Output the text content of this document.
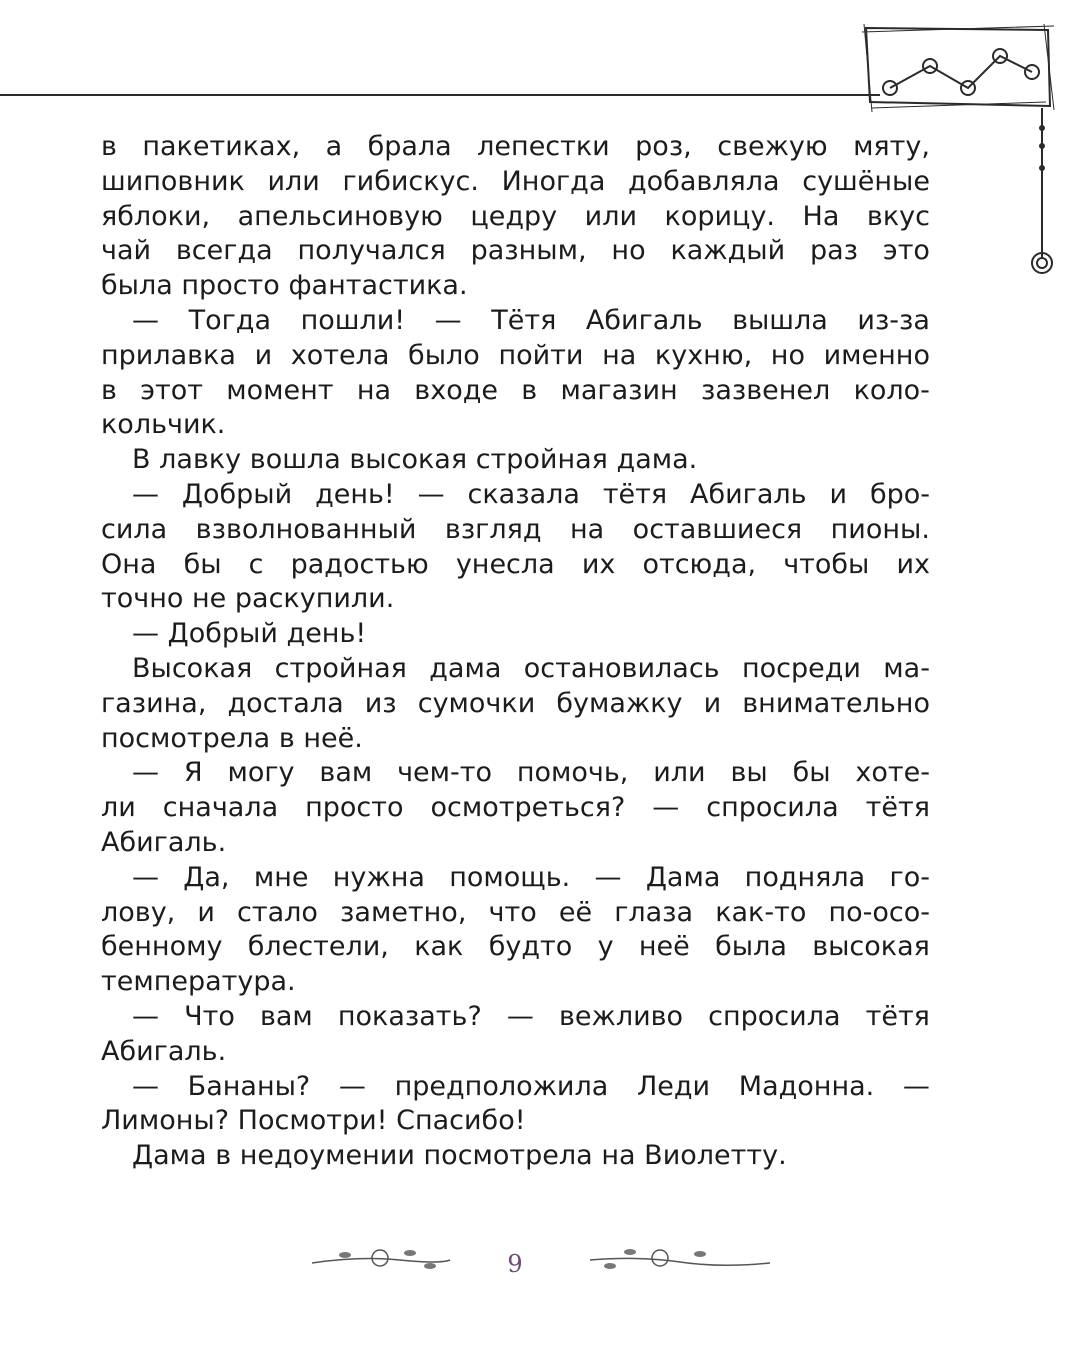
в пакетиках, а брала лепестки роз, свежую мяту,
шиповник или гибискус. Иногда добавляла сушёные
яблоки, апельсиновую цедру или корицу. На вкус
чай всегда получался разным, но каждый раз это
была просто фантастика.
— Тогда пошли! — Тётя Абигаль вышла из-за
прилавка и хотела было пойти на кухню, но именно
в этот момент на входе в магазин зазвенел коло-
кольчик.
В лавку вошла высокая стройная дама.
— Добрый день! — сказала тётя Абигаль и бро-
сила взволнованный взгляд на оставшиеся пионы.
Она бы с радостью унесла их отсюда, чтобы их
точно не раскупили.
— Добрый день!
Высокая стройная дама остановилась посреди ма-
газина, достала из сумочки бумажку и внимательно
посмотрела в неё.
— Я могу вам чем-то помочь, или вы бы хоте-
ли сначала просто осмотреться? — спросила тётя
Абигаль.
— Да, мне нужна помощь. — Дама подняла го-
лову, и стало заметно, что её глаза как-то по-осо-
бенному блестели, как будто у неё была высокая
температура.
— Что вам показать? — вежливо спросила тётя
Абигаль.
— Бананы? — предположила Леди Мадонна. —
Лимоны? Посмотри! Спасибо!
Дама в недоумении посмотрела на Виолетту.
9
